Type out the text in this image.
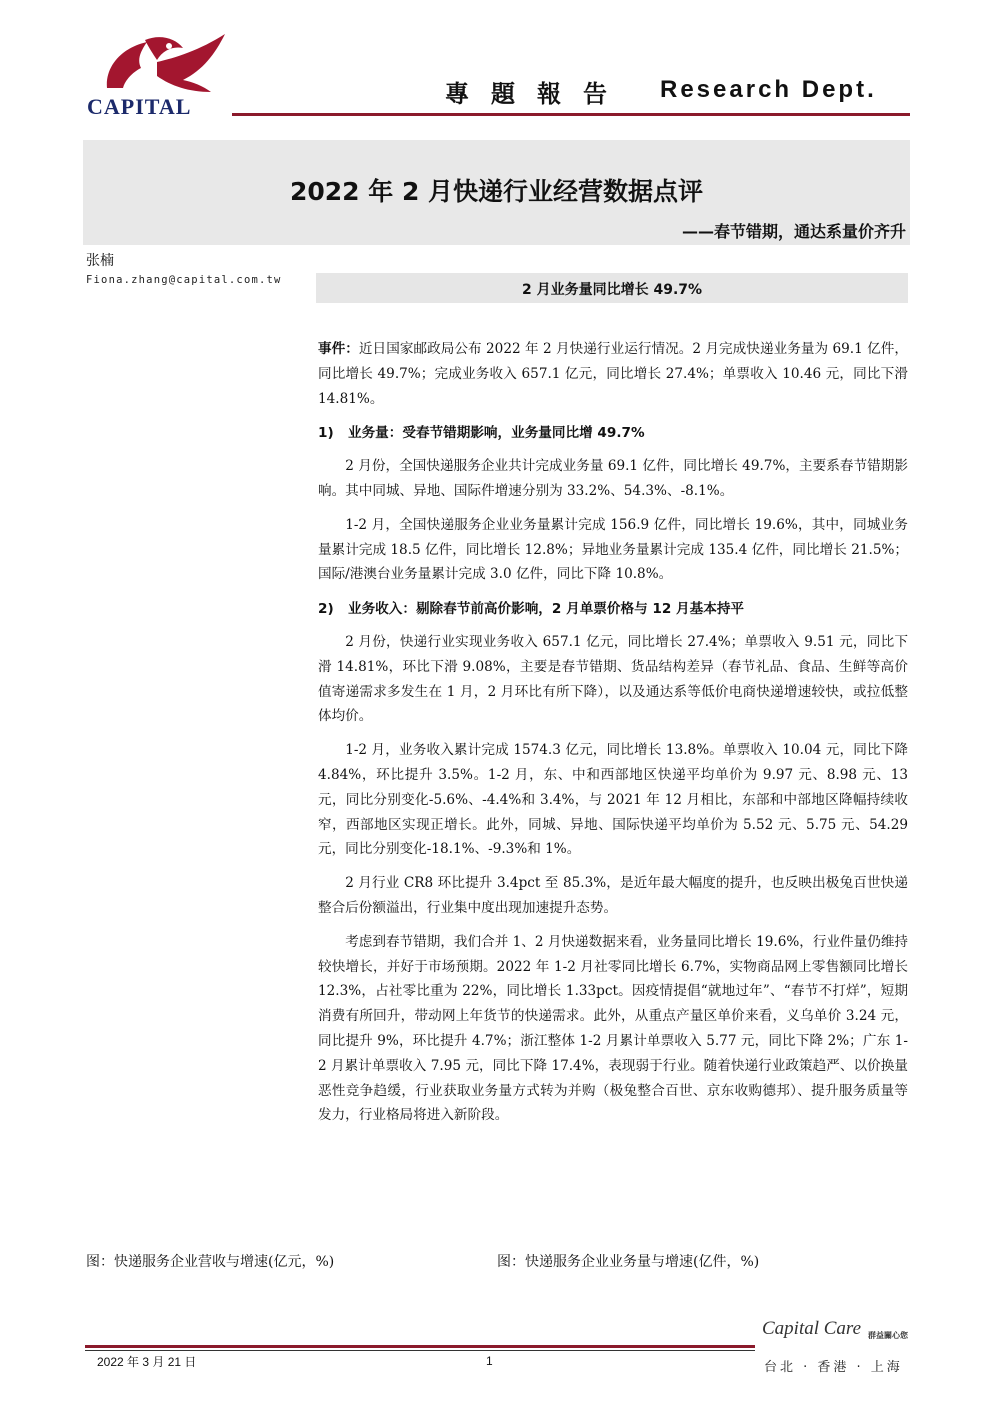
CAPITAL	專題報告 Research Dept.
2022 年 2 月快递行业经营数据点评
——春节错期，通达系量价齐升
张楠
Fiona.zhang@capital.com.tw
2 月业务量同比增长 49.7%

事件：近日国家邮政局公布 2022 年 2 月快递行业运行情况。2 月完成快递业务量为 69.1 亿件，同比增长 49.7%；完成业务收入 657.1 亿元，同比增长 27.4%；单票收入 10.46 元，同比下滑 14.81%。

1) 业务量：受春节错期影响，业务量同比增 49.7%

2 月份，全国快递服务企业共计完成业务量 69.1 亿件，同比增长 49.7%，主要系春节错期影响。其中同城、异地、国际件增速分别为 33.2%、54.3%、-8.1%。

1-2 月，全国快递服务企业业务量累计完成 156.9 亿件，同比增长 19.6%，其中，同城业务量累计完成 18.5 亿件，同比增长 12.8%；异地业务量累计完成 135.4 亿件，同比增长 21.5%；国际/港澳台业务量累计完成 3.0 亿件，同比下降 10.8%。

2) 业务收入：剔除春节前高价影响，2 月单票价格与 12 月基本持平

2 月份，快递行业实现业务收入 657.1 亿元，同比增长 27.4%；单票收入 9.51 元，同比下滑 14.81%，环比下滑 9.08%，主要是春节错期、货品结构差异（春节礼品、食品、生鲜等高价值寄递需求多发生在 1 月，2 月环比有所下降），以及通达系等低价电商快递增速较快，或拉低整体均价。

1-2 月，业务收入累计完成 1574.3 亿元，同比增长 13.8%。单票收入 10.04 元，同比下降 4.84%，环比提升 3.5%。1-2 月，东、中和西部地区快递平均单价为 9.97 元、8.98 元、13 元，同比分别变化-5.6%、-4.4%和 3.4%，与 2021 年 12 月相比，东部和中部地区降幅持续收窄，西部地区实现正增长。此外，同城、异地、国际快递平均单价为 5.52 元、5.75 元、54.29 元，同比分别变化-18.1%、-9.3%和 1%。

2 月行业 CR8 环比提升 3.4pct 至 85.3%，是近年最大幅度的提升，也反映出极兔百世快递整合后份额溢出，行业集中度出现加速提升态势。

考虑到春节错期，我们合并 1、2 月快递数据来看，业务量同比增长 19.6%，行业件量仍维持较快增长，并好于市场预期。2022 年 1-2 月社零同比增长 6.7%，实物商品网上零售额同比增长 12.3%，占社零比重为 22%，同比增长 1.33pct。因疫情提倡“就地过年”、“春节不打烊”，短期消费有所回升，带动网上年货节的快递需求。此外，从重点产量区单价来看，义乌单价 3.24 元，同比提升 9%，环比提升 4.7%；浙江整体 1-2 月累计单票收入 5.77 元，同比下降 2%；广东 1-2 月累计单票收入 7.95 元，同比下降 17.4%，表现弱于行业。随着快递行业政策趋严、以价换量恶性竞争趋缓，行业获取业务量方式转为并购（极兔整合百世、京东收购德邦）、提升服务质量等发力，行业格局将进入新阶段。

图：快递服务企业营收与增速(亿元，%)	图：快递服务企业业务量与增速(亿件，%)
2022 年 3 月 21 日	1
Capital Care 群益關心您
台北 · 香港 · 上海
